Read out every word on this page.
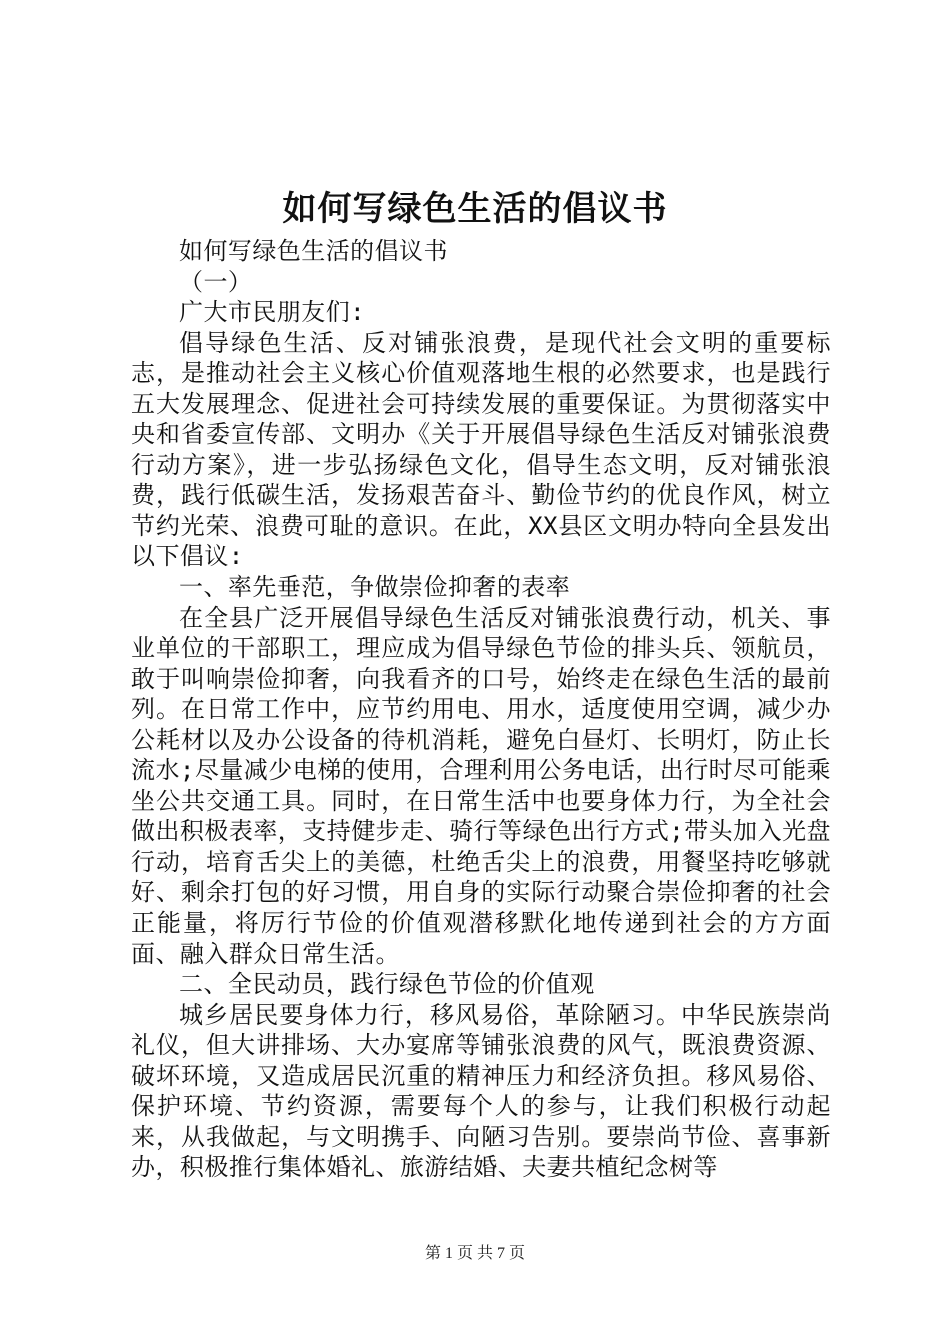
如何写绿色生活的倡议书

如何写绿色生活的倡议书

（一）

广大市民朋友们:

倡导绿色生活、反对铺张浪费，是现代社会文明的重要标志，是推动社会主义核心价值观落地生根的必然要求，也是践行五大发展理念、促进社会可持续发展的重要保证。为贯彻落实中央和省委宣传部、文明办《关于开展倡导绿色生活反对铺张浪费行动方案》，进一步弘扬绿色文化，倡导生态文明，反对铺张浪费，践行低碳生活，发扬艰苦奋斗、勤俭节约的优良作风，树立节约光荣、浪费可耻的意识。在此，XX县区文明办特向全县发出以下倡议:

一、率先垂范，争做崇俭抑奢的表率

在全县广泛开展倡导绿色生活反对铺张浪费行动，机关、事业单位的干部职工，理应成为倡导绿色节俭的排头兵、领航员，敢于叫响崇俭抑奢，向我看齐的口号，始终走在绿色生活的最前列。在日常工作中，应节约用电、用水，适度使用空调，减少办公耗材以及办公设备的待机消耗，避免白昼灯、长明灯，防止长流水;尽量减少电梯的使用，合理利用公务电话，出行时尽可能乘坐公共交通工具。同时，在日常生活中也要身体力行，为全社会做出积极表率，支持健步走、骑行等绿色出行方式;带头加入光盘行动，培育舌尖上的美德，杜绝舌尖上的浪费，用餐坚持吃够就好、剩余打包的好习惯，用自身的实际行动聚合崇俭抑奢的社会正能量，将厉行节俭的价值观潜移默化地传递到社会的方方面面、融入群众日常生活。

二、全民动员，践行绿色节俭的价值观

城乡居民要身体力行，移风易俗，革除陋习。中华民族崇尚礼仪，但大讲排场、大办宴席等铺张浪费的风气，既浪费资源、破坏环境，又造成居民沉重的精神压力和经济负担。移风易俗、保护环境、节约资源，需要每个人的参与，让我们积极行动起来，从我做起，与文明携手、向陋习告别。要崇尚节俭、喜事新办，积极推行集体婚礼、旅游结婚、夫妻共植纪念树等

第 1 页 共 7 页
